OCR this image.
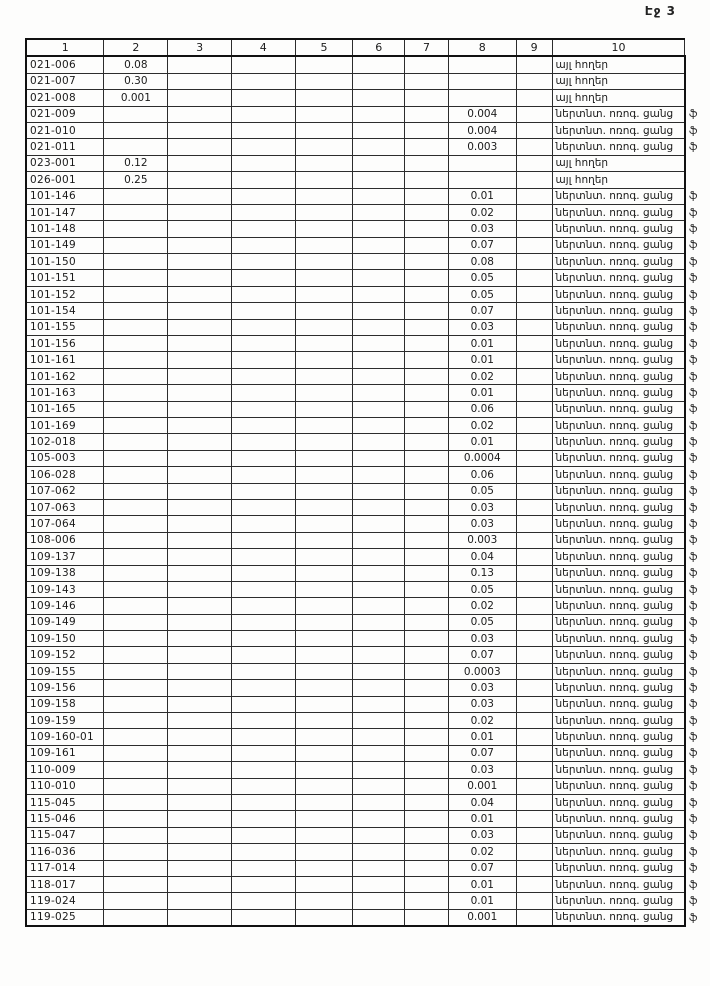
Էջ 3
1	2	3	4	5	6	7	8	9	10	
021-006	0.08								այլ հողեր	
021-007	0.30								այլ հողեր	
021-008	0.001								այլ հողեր	
021-009							0.004		ներտնտ. ոռոգ. ցանց	ֆ
021-010							0.004		ներտնտ. ոռոգ. ցանց	ֆ
021-011							0.003		ներտնտ. ոռոգ. ցանց	ֆ
023-001	0.12								այլ հողեր	
026-001	0.25								այլ հողեր	
101-146							0.01		ներտնտ. ոռոգ. ցանց	ֆ
101-147							0.02		ներտնտ. ոռոգ. ցանց	ֆ
101-148							0.03		ներտնտ. ոռոգ. ցանց	ֆ
101-149							0.07		ներտնտ. ոռոգ. ցանց	ֆ
101-150							0.08		ներտնտ. ոռոգ. ցանց	ֆ
101-151							0.05		ներտնտ. ոռոգ. ցանց	ֆ
101-152							0.05		ներտնտ. ոռոգ. ցանց	ֆ
101-154							0.07		ներտնտ. ոռոգ. ցանց	ֆ
101-155							0.03		ներտնտ. ոռոգ. ցանց	ֆ
101-156							0.01		ներտնտ. ոռոգ. ցանց	ֆ
101-161							0.01		ներտնտ. ոռոգ. ցանց	ֆ
101-162							0.02		ներտնտ. ոռոգ. ցանց	ֆ
101-163							0.01		ներտնտ. ոռոգ. ցանց	ֆ
101-165							0.06		ներտնտ. ոռոգ. ցանց	ֆ
101-169							0.02		ներտնտ. ոռոգ. ցանց	ֆ
102-018							0.01		ներտնտ. ոռոգ. ցանց	ֆ
105-003							0.0004		ներտնտ. ոռոգ. ցանց	ֆ
106-028							0.06		ներտնտ. ոռոգ. ցանց	ֆ
107-062							0.05		ներտնտ. ոռոգ. ցանց	ֆ
107-063							0.03		ներտնտ. ոռոգ. ցանց	ֆ
107-064							0.03		ներտնտ. ոռոգ. ցանց	ֆ
108-006							0.003		ներտնտ. ոռոգ. ցանց	ֆ
109-137							0.04		ներտնտ. ոռոգ. ցանց	ֆ
109-138							0.13		ներտնտ. ոռոգ. ցանց	ֆ
109-143							0.05		ներտնտ. ոռոգ. ցանց	ֆ
109-146							0.02		ներտնտ. ոռոգ. ցանց	ֆ
109-149							0.05		ներտնտ. ոռոգ. ցանց	ֆ
109-150							0.03		ներտնտ. ոռոգ. ցանց	ֆ
109-152							0.07		ներտնտ. ոռոգ. ցանց	ֆ
109-155							0.0003		ներտնտ. ոռոգ. ցանց	ֆ
109-156							0.03		ներտնտ. ոռոգ. ցանց	ֆ
109-158							0.03		ներտնտ. ոռոգ. ցանց	ֆ
109-159							0.02		ներտնտ. ոռոգ. ցանց	ֆ
109-160-01							0.01		ներտնտ. ոռոգ. ցանց	ֆ
109-161							0.07		ներտնտ. ոռոգ. ցանց	ֆ
110-009							0.03		ներտնտ. ոռոգ. ցանց	ֆ
110-010							0.001		ներտնտ. ոռոգ. ցանց	ֆ
115-045							0.04		ներտնտ. ոռոգ. ցանց	ֆ
115-046							0.01		ներտնտ. ոռոգ. ցանց	ֆ
115-047							0.03		ներտնտ. ոռոգ. ցանց	ֆ
116-036							0.02		ներտնտ. ոռոգ. ցանց	ֆ
117-014							0.07		ներտնտ. ոռոգ. ցանց	ֆ
118-017							0.01		ներտնտ. ոռոգ. ցանց	ֆ
119-024							0.01		ներտնտ. ոռոգ. ցանց	ֆ
119-025							0.001		ներտնտ. ոռոգ. ցանց	ֆ
